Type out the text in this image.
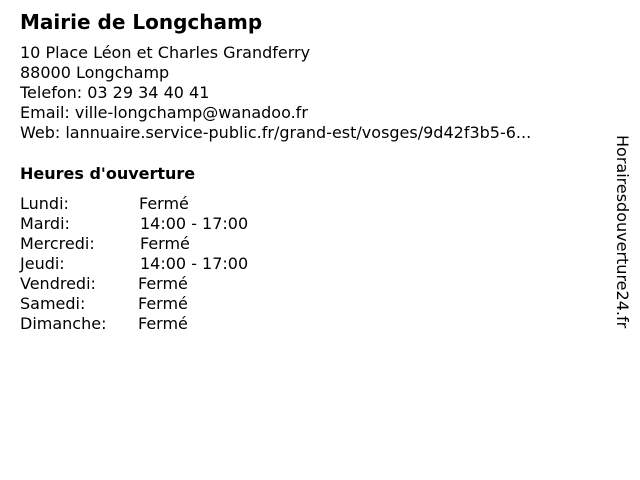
Mairie de Longchamp
10 Place Léon et Charles Grandferry
88000 Longchamp
Telefon: 03 29 34 40 41
Email: ville-longchamp@wanadoo.fr
Web: lannuaire.service-public.fr/grand-est/vosges/9d42f3b5-6...
Heures d'ouverture
Lundi:	Fermé
Mardi:	14:00 - 17:00
Mercredi:	Fermé
Jeudi:	14:00 - 17:00
Vendredi:	Fermé
Samedi:	Fermé
Dimanche: Fermé	Horairesdouverture24.fr
